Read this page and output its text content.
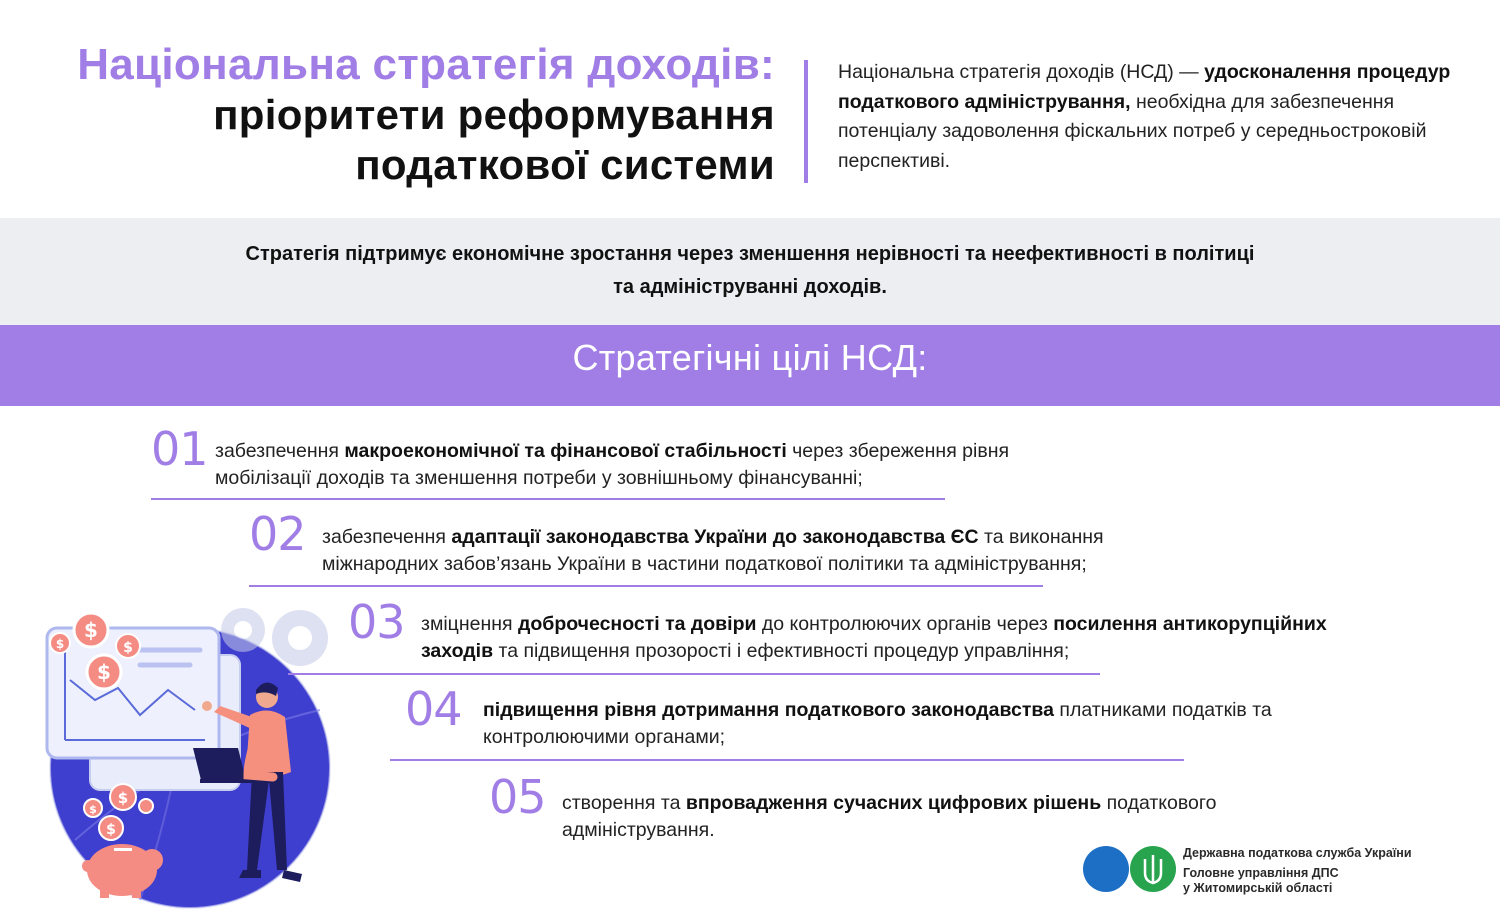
Національна стратегія доходів:
пріоритети реформування
податкової системи
Національна стратегія доходів (НСД) — удосконалення процедур податкового адміністрування, необхідна для забезпечення потенціалу задоволення фіскальних потреб у середньостроковій перспективі.

Стратегія підтримує економічне зростання через зменшення нерівності та неефективності в політиці
та адмініструванні доходів.

Стратегічні цілі НСД:
$
$
$
$
$
$
$
01 забезпечення макроекономічної та фінансової стабільності через збереження рівня
мобілізації доходів та зменшення потреби у зовнішньому фінансуванні;
02 забезпечення адаптації законодавства України до законодавства ЄС та виконання
міжнародних забов’язань України в частини податкової політики та адміністрування;
03 зміцнення доброчесності та довіри до контролюючих органів через посилення антикорупційних
заходів та підвищення прозорості і ефективності процедур управління;
04 підвищення рівня дотримання податкового законодавства платниками податків та
контролюючими органами;
05 створення та впровадження сучасних цифрових рішень податкового
адміністрування.
Державна податкова служба України
Головне управління ДПС
у Житомирській області
